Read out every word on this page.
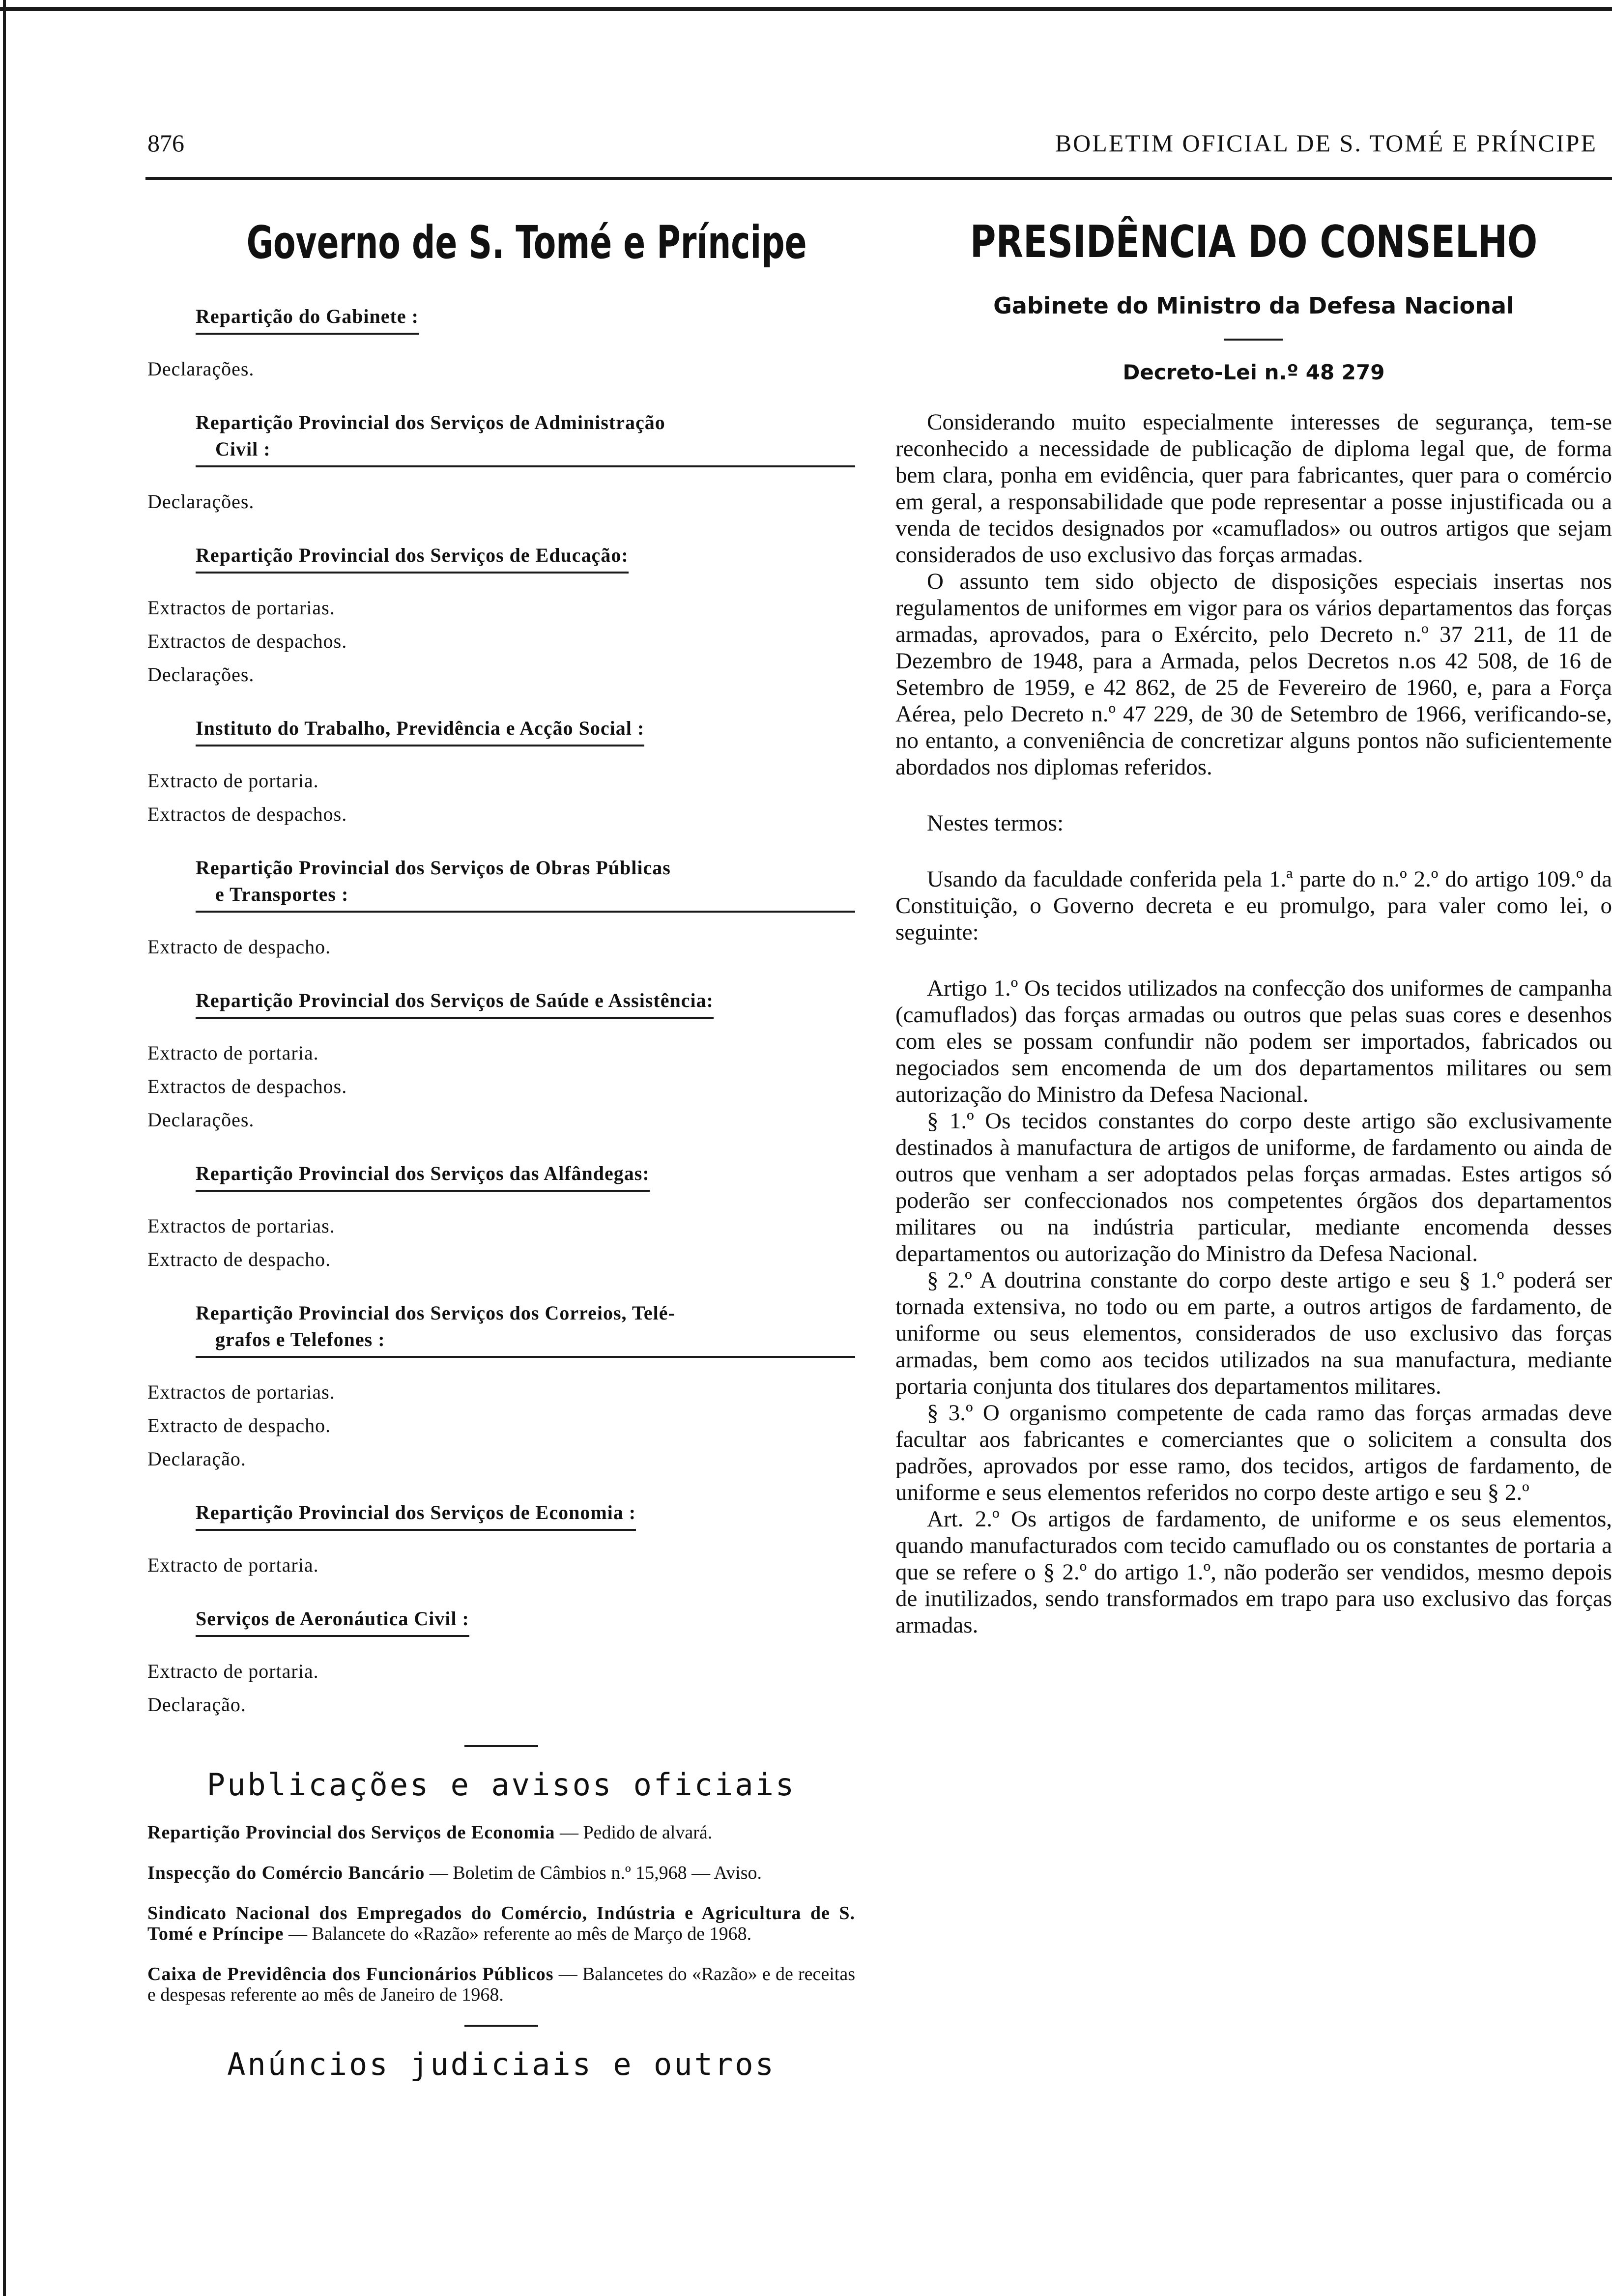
876	BOLETIM OFICIAL DE S. TOMÉ E PRÍNCIPE
Governo de S. Tomé e Príncipe
Repartição do Gabinete :
Declarações.
Repartição Provincial dos Serviços de Administração
Civil :
Declarações.
Repartição Provincial dos Serviços de Educação:
Extractos de portarias.
Extractos de despachos.
Declarações.
Instituto do Trabalho, Previdência e Acção Social :
Extracto de portaria.
Extractos de despachos.
Repartição Provincial dos Serviços de Obras Públicas
e Transportes :
Extracto de despacho.
Repartição Provincial dos Serviços de Saúde e Assistência:
Extracto de portaria.
Extractos de despachos.
Declarações.
Repartição Provincial dos Serviços das Alfândegas:
Extractos de portarias.
Extracto de despacho.
Repartição Provincial dos Serviços dos Correios, Telé-
grafos e Telefones :
Extractos de portarias.
Extracto de despacho.
Declaração.
Repartição Provincial dos Serviços de Economia :
Extracto de portaria.
Serviços de Aeronáutica Civil :
Extracto de portaria.
Declaração.
Publicações e avisos oficiais
Repartição Provincial dos Serviços de Economia — Pedido de alvará.
Inspecção do Comércio Bancário — Boletim de Câmbios n.º 15,968 — Aviso.
Sindicato Nacional dos Empregados do Comércio, Indústria e Agricultura de S. Tomé e Príncipe — Balancete do «Razão» referente ao mês de Março de 1968.
Caixa de Previdência dos Funcionários Públicos — Balancetes do «Razão» e de receitas e despesas referente ao mês de Janeiro de 1968.
Anúncios judiciais e outros
PRESIDÊNCIA DO CONSELHO
Gabinete do Ministro da Defesa Nacional
Decreto-Lei n.º 48 279

Considerando muito especialmente interesses de segurança, tem-se reconhecido a necessidade de publicação de diploma legal que, de forma bem clara, ponha em evidência, quer para fabricantes, quer para o comércio em geral, a responsabilidade que pode representar a posse injustificada ou a venda de tecidos designados por «camuflados» ou outros artigos que sejam considerados de uso exclusivo das forças armadas.

O assunto tem sido objecto de disposições especiais insertas nos regulamentos de uniformes em vigor para os vários departamentos das forças armadas, aprovados, para o Exército, pelo Decreto n.º 37 211, de 11 de Dezembro de 1948, para a Armada, pelos Decretos n.os 42 508, de 16 de Setembro de 1959, e 42 862, de 25 de Fevereiro de 1960, e, para a Força Aérea, pelo Decreto n.º 47 229, de 30 de Setembro de 1966, verificando-se, no entanto, a conveniência de concretizar alguns pontos não suficientemente abordados nos diplomas referidos.

Nestes termos:

Usando da faculdade conferida pela 1.ª parte do n.º 2.º do artigo 109.º da Constituição, o Governo decreta e eu promulgo, para valer como lei, o seguinte:

Artigo 1.º Os tecidos utilizados na confecção dos uniformes de campanha (camuflados) das forças armadas ou outros que pelas suas cores e desenhos com eles se possam confundir não podem ser importados, fabricados ou negociados sem encomenda de um dos departamentos militares ou sem autorização do Ministro da Defesa Nacional.

§ 1.º Os tecidos constantes do corpo deste artigo são exclusivamente destinados à manufactura de artigos de uniforme, de fardamento ou ainda de outros que venham a ser adoptados pelas forças armadas. Estes artigos só poderão ser confeccionados nos competentes órgãos dos departamentos militares ou na indústria particular, mediante encomenda desses departamentos ou autorização do Ministro da Defesa Nacional.

§ 2.º A doutrina constante do corpo deste artigo e seu § 1.º poderá ser tornada extensiva, no todo ou em parte, a outros artigos de fardamento, de uniforme ou seus elementos, considerados de uso exclusivo das forças armadas, bem como aos tecidos utilizados na sua manufactura, mediante portaria conjunta dos titulares dos departamentos militares.

§ 3.º O organismo competente de cada ramo das forças armadas deve facultar aos fabricantes e comerciantes que o solicitem a consulta dos padrões, aprovados por esse ramo, dos tecidos, artigos de fardamento, de uniforme e seus elementos referidos no corpo deste artigo e seu § 2.º

Art. 2.º Os artigos de fardamento, de uniforme e os seus elementos, quando manufacturados com tecido camuflado ou os constantes de portaria a que se refere o § 2.º do artigo 1.º, não poderão ser vendidos, mesmo depois de inutilizados, sendo transformados em trapo para uso exclusivo das forças armadas.
